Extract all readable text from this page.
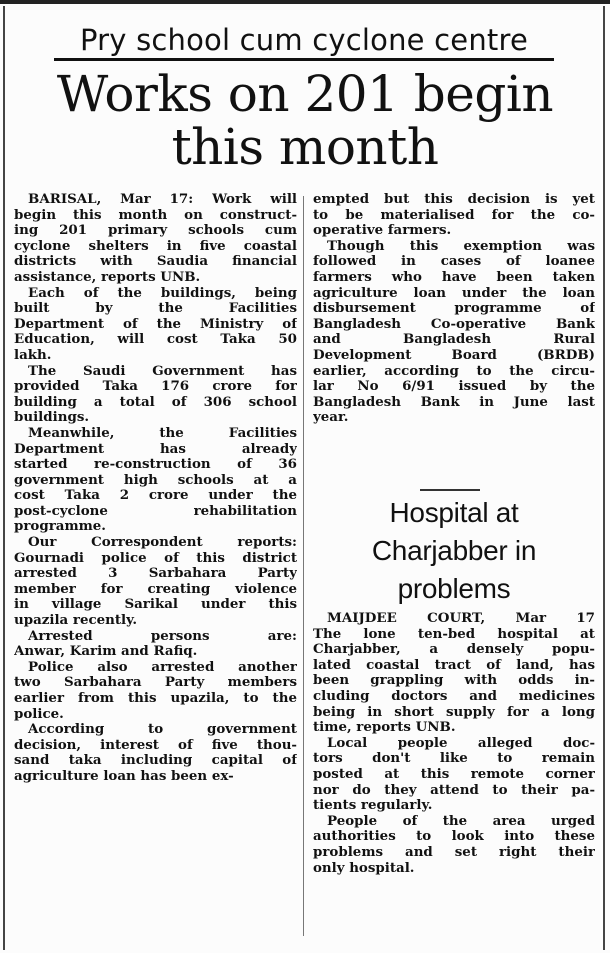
Pry school cum cyclone centre
Works on 201 begin
this month

BARISAL, Mar 17: Work will
begin this month on construct-
ing 201 primary schools cum
cyclone shelters in five coastal
districts with Saudia financial
assistance, reports UNB.

Each of the buildings, being
built by the Facilities
Department of the Ministry of
Education, will cost Taka 50
lakh.

The Saudi Government has
provided Taka 176 crore for
building a total of 306 school
buildings.

Meanwhile, the Facilities
Department has already
started re-construction of 36
government high schools at a
cost Taka 2 crore under the
post-cyclone rehabilitation
programme.

Our Correspondent reports:
Gournadi police of this district
arrested 3 Sarbahara Party
member for creating violence
in village Sarikal under this
upazila recently.

Arrested persons are:
Anwar, Karim and Rafiq.

Police also arrested another
two Sarbahara Party members
earlier from this upazila, to the
police.

According to government
decision, interest of five thou-
sand taka including capital of
agriculture loan has been ex-

empted but this decision is yet
to be materialised for the co-
operative farmers.

Though this exemption was
followed in cases of loanee
farmers who have been taken
agriculture loan under the loan
disbursement programme of
Bangladesh Co-operative Bank
and Bangladesh Rural
Development Board (BRDB)
earlier, according to the circu-
lar No 6/91 issued by the
Bangladesh Bank in June last
year.

Hospital at
Charjabber in
problems

MAIJDEE COURT, Mar 17
The lone ten-bed hospital at
Charjabber, a densely popu-
lated coastal tract of land, has
been grappling with odds in-
cluding doctors and medicines
being in short supply for a long
time, reports UNB.

Local people alleged doc-
tors don't like to remain
posted at this remote corner
nor do they attend to their pa-
tients regularly.

People of the area urged
authorities to look into these
problems and set right their
only hospital.
